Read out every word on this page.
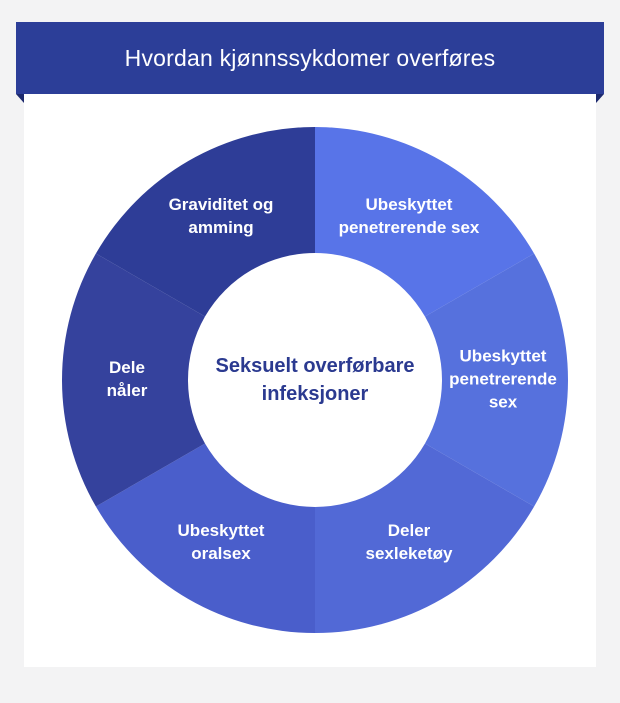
Hvordan kjønnssykdomer overføres
Ubeskyttet penetrerende sex
Ubeskyttet penetrerende sex
Deler sexleketøy
Ubeskyttet oralsex
Dele nåler
Graviditet og amming
Seksuelt overførbare infeksjoner
